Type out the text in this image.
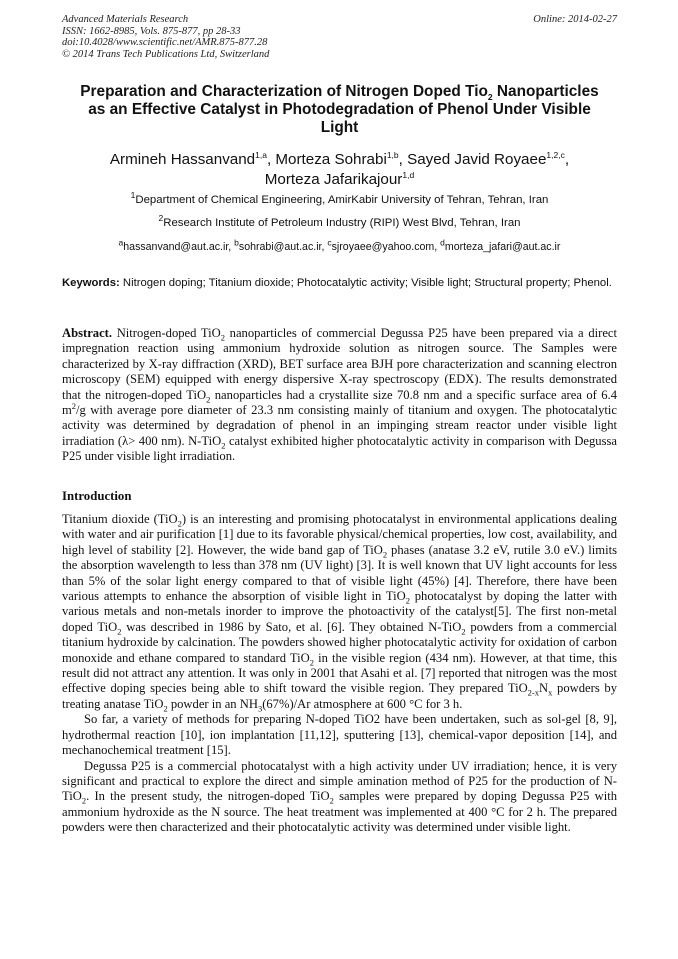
Advanced Materials Research
ISSN: 1662-8985, Vols. 875-877, pp 28-33
doi:10.4028/www.scientific.net/AMR.875-877.28
© 2014 Trans Tech Publications Ltd, Switzerland
Online: 2014-02-27
Preparation and Characterization of Nitrogen Doped Tio$_2$ Nanoparticles
as an Effective Catalyst in Photodegradation of Phenol Under Visible
Light
Armineh Hassanvand$^{1,a}$, Morteza Sohrabi$^{1,b}$, Sayed Javid Royaee$^{1,2,c}$,
Morteza Jafarikajour$^{1,d}$
$^1$Department of Chemical Engineering, AmirKabir University of Tehran, Tehran, Iran
$^2$Research Institute of Petroleum Industry (RIPI) West Blvd, Tehran, Iran
$^a$hassanvand@aut.ac.ir, $^b$sohrabi@aut.ac.ir, $^c$sjroyaee@yahoo.com, $^d$morteza_jafari@aut.ac.ir
Keywords: Nitrogen doping; Titanium dioxide; Photocatalytic activity; Visible light; Structural property; Phenol.
Abstract. Nitrogen-doped TiO$_2$ nanoparticles of commercial Degussa P25 have been prepared via a direct impregnation reaction using ammonium hydroxide solution as nitrogen source. The Samples were characterized by X-ray diffraction (XRD), BET surface area BJH pore characterization and scanning electron microscopy (SEM) equipped with energy dispersive X-ray spectroscopy (EDX). The results demonstrated that the nitrogen-doped TiO$_2$ nanoparticles had a crystallite size 70.8 nm and a specific surface area of 6.4 $m^2/g$ with average pore diameter of 23.3 nm consisting mainly of titanium and oxygen. The photocatalytic activity was determined by degradation of phenol in an impinging stream reactor under visible light irradiation (λ> 400 nm). N-TiO$_2$ catalyst exhibited higher photocatalytic activity in comparison with Degussa P25 under visible light irradiation.
Introduction

Titanium dioxide (TiO$_2$) is an interesting and promising photocatalyst in environmental applications dealing with water and air purification [1] due to its favorable physical/chemical properties, low cost, availability, and high level of stability [2]. However, the wide band gap of TiO$_2$ phases (anatase 3.2 eV, rutile 3.0 eV.) limits the absorption wavelength to less than 378 nm (UV light) [3]. It is well known that UV light accounts for less than 5% of the solar light energy compared to that of visible light (45%) [4]. Therefore, there have been various attempts to enhance the absorption of visible light in TiO$_2$ photocatalyst by doping the latter with various metals and non-metals inorder to improve the photoactivity of the catalyst[5]. The first non-metal doped TiO$_2$ was described in 1986 by Sato, et al. [6]. They obtained N-TiO$_2$ powders from a commercial titanium hydroxide by calcination. The powders showed higher photocatalytic activity for oxidation of carbon monoxide and ethane compared to standard TiO$_2$ in the visible region (434 nm). However, at that time, this result did not attract any attention. It was only in 2001 that Asahi et al. [7] reported that nitrogen was the most effective doping species being able to shift toward the visible region. They prepared $TiO_{2-x}N_x$ powders by treating anatase TiO$_2$ powder in an $NH_3(67\%)/Ar$ atmosphere at 600 °C for 3 h.

So far, a variety of methods for preparing N-doped TiO2 have been undertaken, such as sol-gel [8, 9], hydrothermal reaction [10], ion implantation [11,12], sputtering [13], chemical-vapor deposition [14], and mechanochemical treatment [15].

Degussa P25 is a commercial photocatalyst with a high activity under UV irradiation; hence, it is very significant and practical to explore the direct and simple amination method of P25 for the production of N-TiO$_2$. In the present study, the nitrogen-doped TiO$_2$ samples were prepared by doping Degussa P25 with ammonium hydroxide as the N source. The heat treatment was implemented at 400 °C for 2 h. The prepared powders were then characterized and their photocatalytic activity was determined under visible light.
